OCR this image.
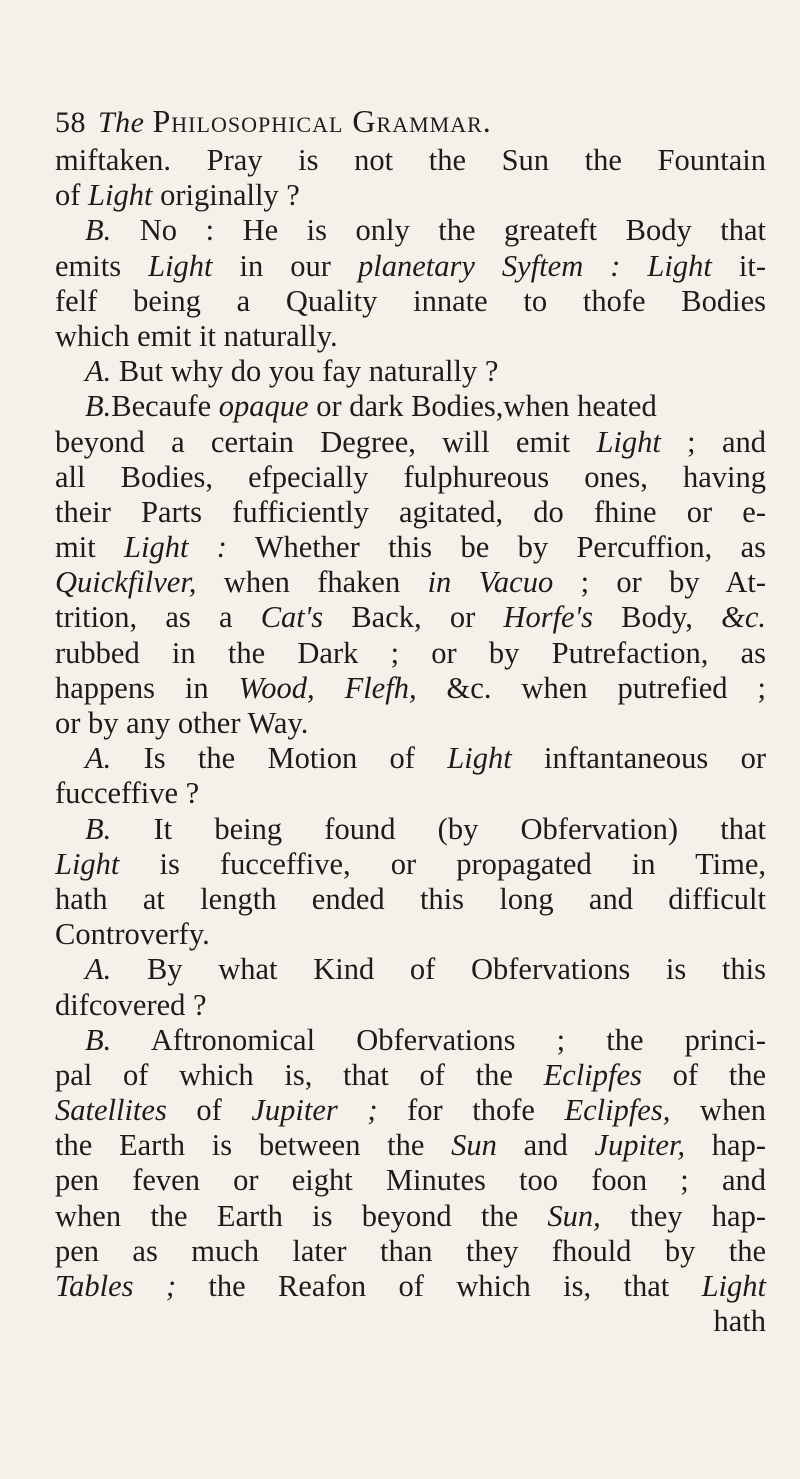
58 The Philosophical Grammar.
miftaken. Pray is not the Sun the Fountain
of Light originally ?
B. No : He is only the greateft Body that
emits Light in our planetary Syftem : Light it-
felf being a Quality innate to thofe Bodies
which emit it naturally.
A. But why do you fay naturally ?
B.Becaufe opaque or dark Bodies,when heated
beyond a certain Degree, will emit Light ; and
all Bodies, efpecially fulphureous ones, having
their Parts fufficiently agitated, do fhine or e-
mit Light : Whether this be by Percuffion, as
Quickfilver, when fhaken in Vacuo ; or by At-
trition, as a Cat's Back, or Horfe's Body, &c.
rubbed in the Dark ; or by Putrefaction, as
happens in Wood, Flefh, &c. when putrefied ;
or by any other Way.
A. Is the Motion of Light inftantaneous or
fucceffive ?
B. It being found (by Obfervation) that
Light is fucceffive, or propagated in Time,
hath at length ended this long and difficult
Controverfy.
A. By what Kind of Obfervations is this
difcovered ?
B. Aftronomical Obfervations ; the princi-
pal of which is, that of the Eclipfes of the
Satellites of Jupiter ; for thofe Eclipfes, when
the Earth is between the Sun and Jupiter, hap-
pen feven or eight Minutes too foon ; and
when the Earth is beyond the Sun, they hap-
pen as much later than they fhould by the
Tables ; the Reafon of which is, that Light
hath
